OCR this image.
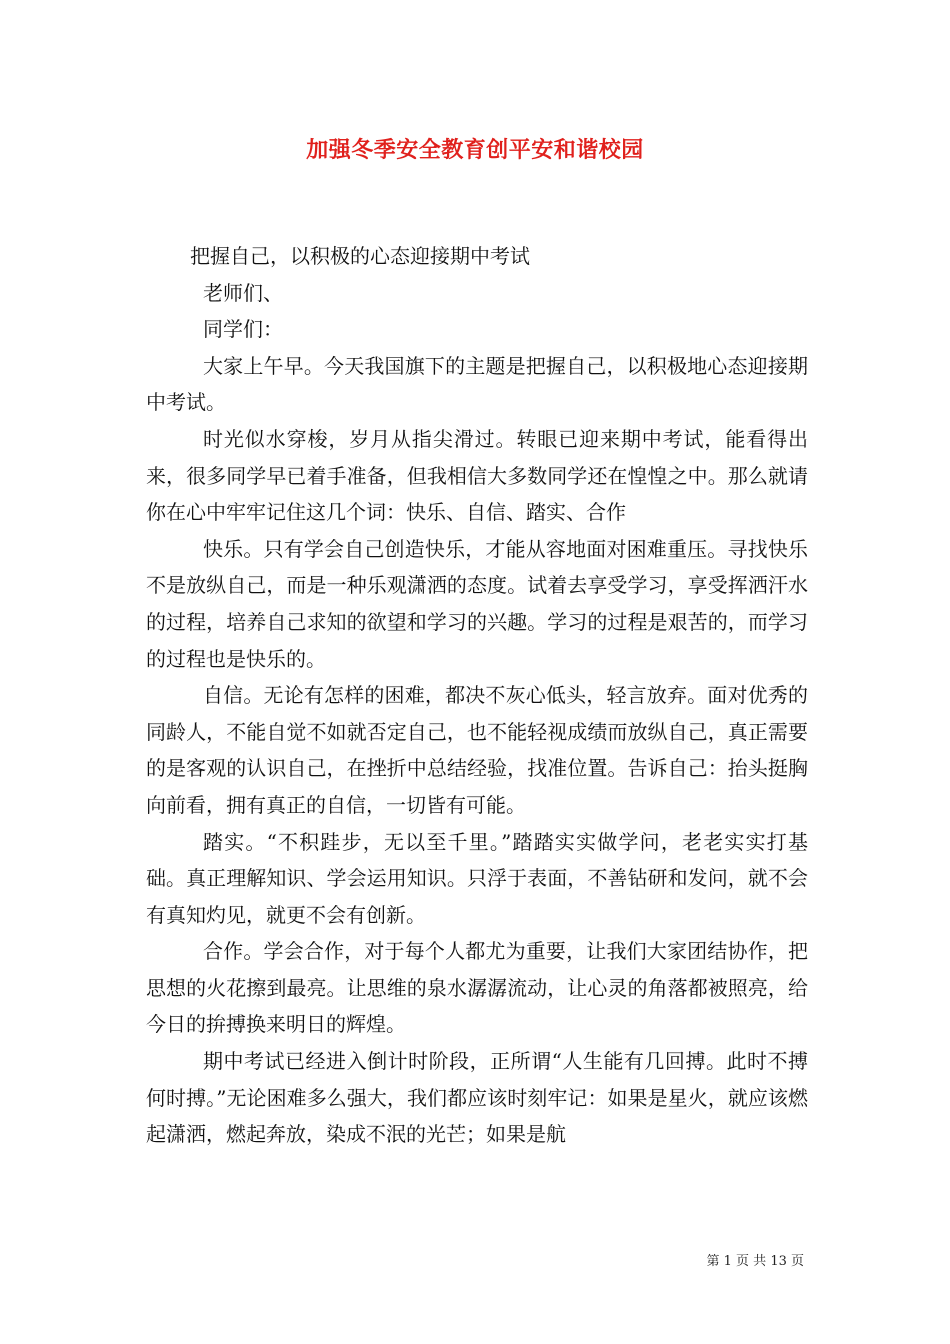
加强冬季安全教育创平安和谐校园

把握自己，以积极的心态迎接期中考试

老师们、

同学们：

大家上午早。今天我国旗下的主题是把握自己，以积极地心态迎接期中考试。

时光似水穿梭，岁月从指尖滑过。转眼已迎来期中考试，能看得出来，很多同学早已着手准备，但我相信大多数同学还在惶惶之中。那么就请你在心中牢牢记住这几个词：快乐、自信、踏实、合作

快乐。只有学会自己创造快乐，才能从容地面对困难重压。寻找快乐不是放纵自己，而是一种乐观潇洒的态度。试着去享受学习，享受挥洒汗水的过程，培养自己求知的欲望和学习的兴趣。学习的过程是艰苦的，而学习的过程也是快乐的。

自信。无论有怎样的困难，都决不灰心低头，轻言放弃。面对优秀的同龄人，不能自觉不如就否定自己，也不能轻视成绩而放纵自己，真正需要的是客观的认识自己，在挫折中总结经验，找准位置。告诉自己：抬头挺胸向前看，拥有真正的自信，一切皆有可能。

踏实。“不积跬步，无以至千里。”踏踏实实做学问，老老实实打基础。真正理解知识、学会运用知识。只浮于表面，不善钻研和发问，就不会有真知灼见，就更不会有创新。

合作。学会合作，对于每个人都尤为重要，让我们大家团结协作，把思想的火花擦到最亮。让思维的泉水潺潺流动，让心灵的角落都被照亮，给今日的拚搏换来明日的辉煌。

期中考试已经进入倒计时阶段，正所谓“人生能有几回搏。此时不搏何时搏。”无论困难多么强大，我们都应该时刻牢记：如果是星火，就应该燃起潇洒，燃起奔放，染成不泯的光芒；如果是航

第 1 页 共 13 页
